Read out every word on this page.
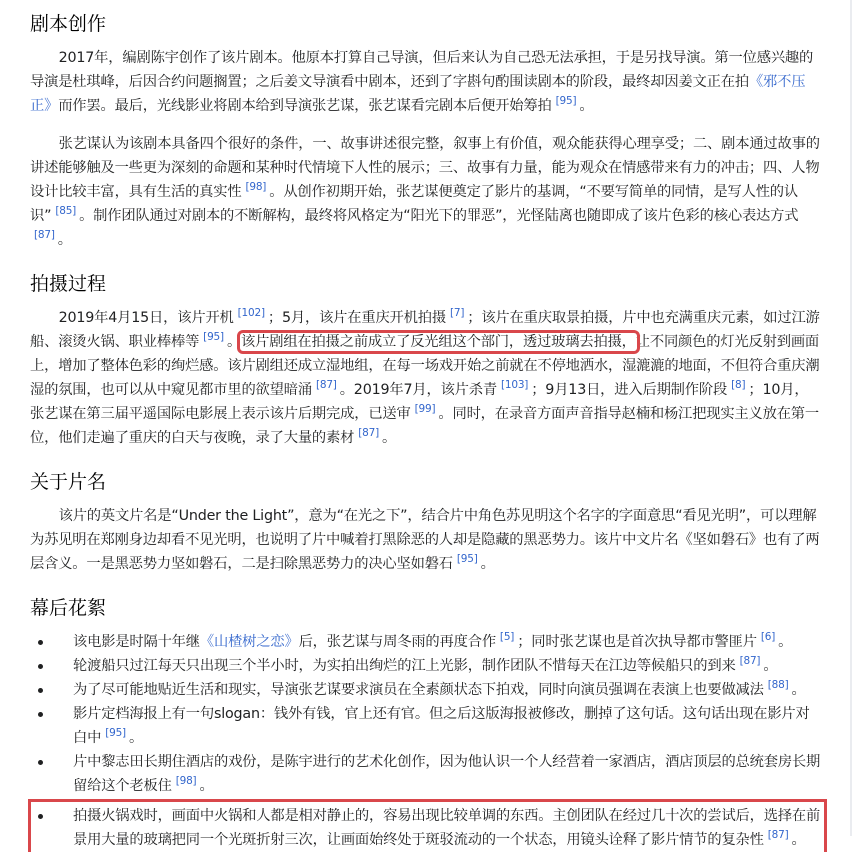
剧本创作

2017年，编剧陈宇创作了该片剧本。他原本打算自己导演，但后来认为自己恐无法承担，于是另找导演。第一位感兴趣的导演是杜琪峰，后因合约问题搁置；之后姜文导演看中剧本，还到了字斟句酌围读剧本的阶段，最终却因姜文正在拍《邪不压正》而作罢。最后，光线影业将剧本给到导演张艺谋，张艺谋看完剧本后便开始筹拍 [95] 。

张艺谋认为该剧本具备四个很好的条件，一、故事讲述很完整，叙事上有价值，观众能获得心理享受；二、剧本通过故事的讲述能够触及一些更为深刻的命题和某种时代情境下人性的展示；三、故事有力量，能为观众在情感带来有力的冲击；四、人物设计比较丰富，具有生活的真实性 [98] 。从创作初期开始，张艺谋便奠定了影片的基调，“不要写简单的同情，是写人性的认识” [85] 。制作团队通过对剧本的不断解构，最终将风格定为“阳光下的罪恶”，光怪陆离也随即成了该片色彩的核心表达方式[87] 。

拍摄过程

2019年4月15日，该片开机 [102] ；5月，该片在重庆开机拍摄 [7] ；该片在重庆取景拍摄，片中也充满重庆元素，如过江游船、滚烫火锅、职业棒棒等 [95] 。该片剧组在拍摄之前成立了反光组这个部门，透过玻璃去拍摄，让不同颜色的灯光反射到画面上，增加了整体色彩的绚烂感。该片剧组还成立湿地组，在每一场戏开始之前就在不停地洒水，湿漉漉的地面，不但符合重庆潮湿的氛围，也可以从中窥见都市里的欲望暗涌 [87] 。2019年7月，该片杀青 [103] ；9月13日，进入后期制作阶段 [8] ；10月，张艺谋在第三届平遥国际电影展上表示该片后期完成，已送审 [99] 。同时，在录音方面声音指导赵楠和杨江把现实主义放在第一位，他们走遍了重庆的白天与夜晚，录了大量的素材 [87] 。

关于片名

该片的英文片名是“Under the Light”，意为“在光之下”，结合片中角色苏见明这个名字的字面意思“看见光明”，可以理解为苏见明在郑刚身边却看不见光明，也说明了片中喊着打黑除恶的人却是隐藏的黑恶势力。该片中文片名《坚如磐石》也有了两层含义。一是黑恶势力坚如磐石，二是扫除黑恶势力的决心坚如磐石 [95] 。

幕后花絮
该电影是时隔十年继《山楂树之恋》后，张艺谋与周冬雨的再度合作 [5] ；同时张艺谋也是首次执导都市警匪片 [6] 。
轮渡船只过江每天只出现三个半小时，为实拍出绚烂的江上光影，制作团队不惜每天在江边等候船只的到来 [87] 。
为了尽可能地贴近生活和现实，导演张艺谋要求演员在全素颜状态下拍戏，同时向演员强调在表演上也要做减法 [88] 。
影片定档海报上有一句slogan：钱外有钱，官上还有官。但之后这版海报被修改，删掉了这句话。这句话出现在影片对白中 [95] 。
片中黎志田长期住酒店的戏份，是陈宇进行的艺术化创作，因为他认识一个人经营着一家酒店，酒店顶层的总统套房长期留给这个老板住 [98] 。
拍摄火锅戏时，画面中火锅和人都是相对静止的，容易出现比较单调的东西。主创团队在经过几十次的尝试后，选择在前景用大量的玻璃把同一个光斑折射三次，让画面始终处于斑驳流动的一个状态，用镜头诠释了影片情节的复杂性 [87] 。
